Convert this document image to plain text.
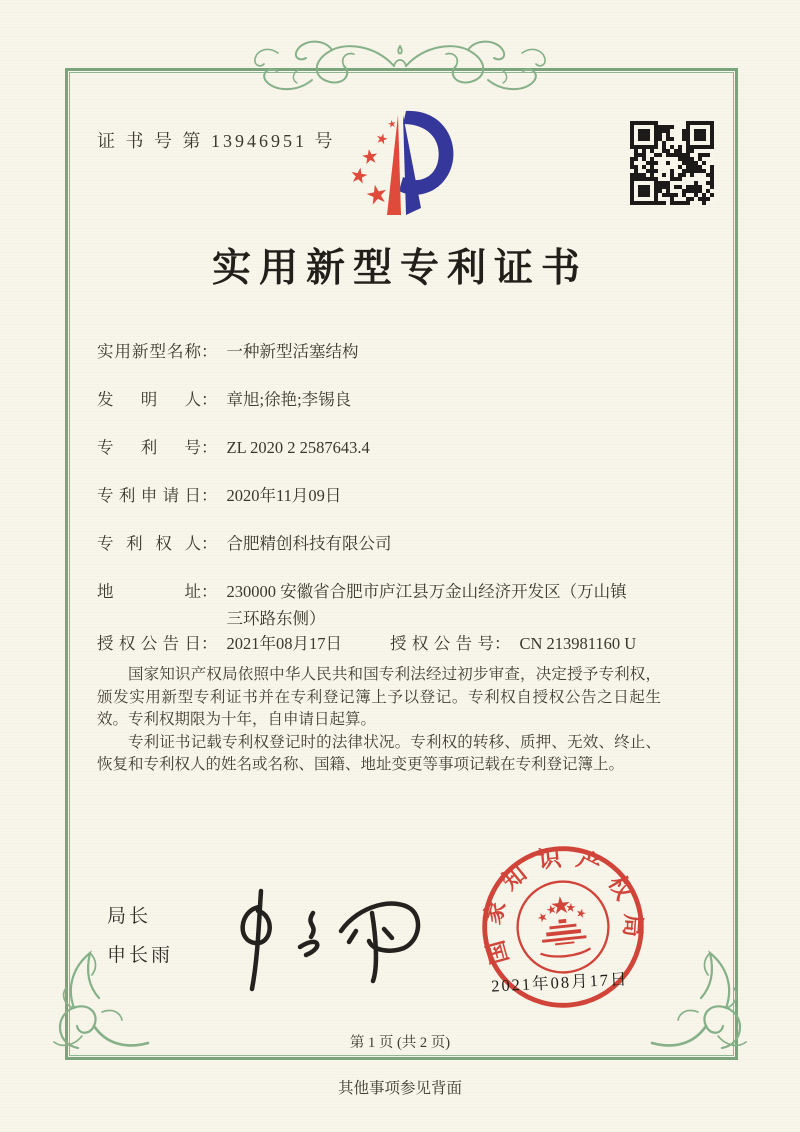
证 书 号 第 13946951 号
实用新型专利证书
实用新型名称 ： 一种新型活塞结构
发明人 ： 章旭;徐艳;李锡良
专利号 ： ZL 2020 2 2587643.4
专利申请日 ： 2020年11月09日
专利权人 ： 合肥精创科技有限公司
地址 ： 230000 安徽省合肥市庐江县万金山经济开发区（万山镇三环路东侧）
授权公告日 ： 2021年08月17日	授权公告号 ： CN 213981160 U

国家知识产权局依照中华人民共和国专利法经过初步审查，决定授予专利权，颁发实用新型专利证书并在专利登记簿上予以登记。专利权自授权公告之日起生效。专利权期限为十年，自申请日起算。

专利证书记载专利权登记时的法律状况。专利权的转移、质押、无效、终止、恢复和专利权人的姓名或名称、国籍、地址变更等事项记载在专利登记簿上。

局长
申长雨	国家知识产权局
2021年08月17日
第 1 页 (共 2 页)
其他事项参见背面
